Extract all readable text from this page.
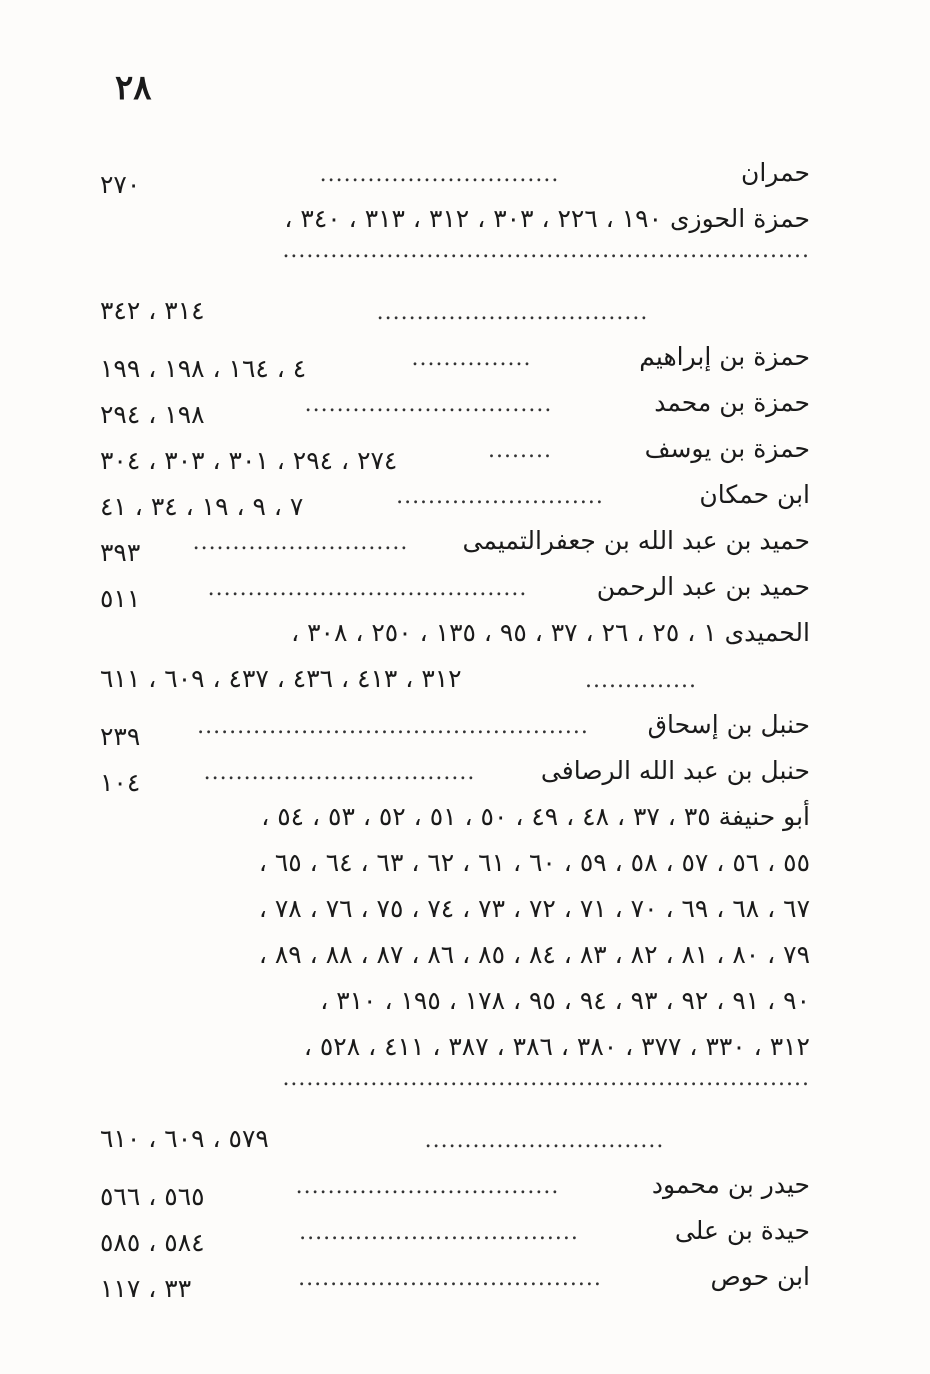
٢٨
حمران
..............................
٢٧٠
حمزة الحوزى ١٩٠ ، ٢٢٦ ، ٣٠٣ ، ٣١٢ ، ٣١٣ ، ٣٤٠ ،
..................................................................
..................................
٣١٤ ، ٣٤٢
حمزة بن إبراهيم
...............
٤ ، ١٦٤ ، ١٩٨ ، ١٩٩
حمزة بن محمد
...............................
١٩٨ ، ٢٩٤
حمزة بن يوسف
........
٢٧٤ ، ٢٩٤ ، ٣٠١ ، ٣٠٣ ، ٣٠٤
ابن حمكان
..........................
٧ ، ٩ ، ١٩ ، ٣٤ ، ٤١
حميد بن عبد الله بن جعفرالتميمى
...........................
٣٩٣
حميد بن عبد الرحمن
........................................
٥١١
الحميدى ١ ، ٢٥ ، ٢٦ ، ٣٧ ، ٩٥ ، ١٣٥ ، ٢٥٠ ، ٣٠٨ ،
..............
٣١٢ ، ٤١٣ ، ٤٣٦ ، ٤٣٧ ، ٦٠٩ ، ٦١١
حنبل بن إسحاق
.................................................
٢٣٩
حنبل بن عبد الله الرصافى
..................................
١٠٤
أبو حنيفة ٣٥ ، ٣٧ ، ٤٨ ، ٤٩ ، ٥٠ ، ٥١ ، ٥٢ ، ٥٣ ، ٥٤ ،
٥٥ ، ٥٦ ، ٥٧ ، ٥٨ ، ٥٩ ، ٦٠ ، ٦١ ، ٦٢ ، ٦٣ ، ٦٤ ، ٦٥ ،
٦٧ ، ٦٨ ، ٦٩ ، ٧٠ ، ٧١ ، ٧٢ ، ٧٣ ، ٧٤ ، ٧٥ ، ٧٦ ، ٧٨ ،
٧٩ ، ٨٠ ، ٨١ ، ٨٢ ، ٨٣ ، ٨٤ ، ٨٥ ، ٨٦ ، ٨٧ ، ٨٨ ، ٨٩ ،
٩٠ ، ٩١ ، ٩٢ ، ٩٣ ، ٩٤ ، ٩٥ ، ١٧٨ ، ١٩٥ ، ٣١٠ ،
٣١٢ ، ٣٣٠ ، ٣٧٧ ، ٣٨٠ ، ٣٨٦ ، ٣٨٧ ، ٤١١ ، ٥٢٨ ،
..................................................................
..............................
٥٧٩ ، ٦٠٩ ، ٦١٠
حيدر بن محمود
.................................
٥٦٥ ، ٥٦٦
حيدة بن على
...................................
٥٨٤ ، ٥٨٥
ابن حوص
......................................
٣٣ ، ١١٧
